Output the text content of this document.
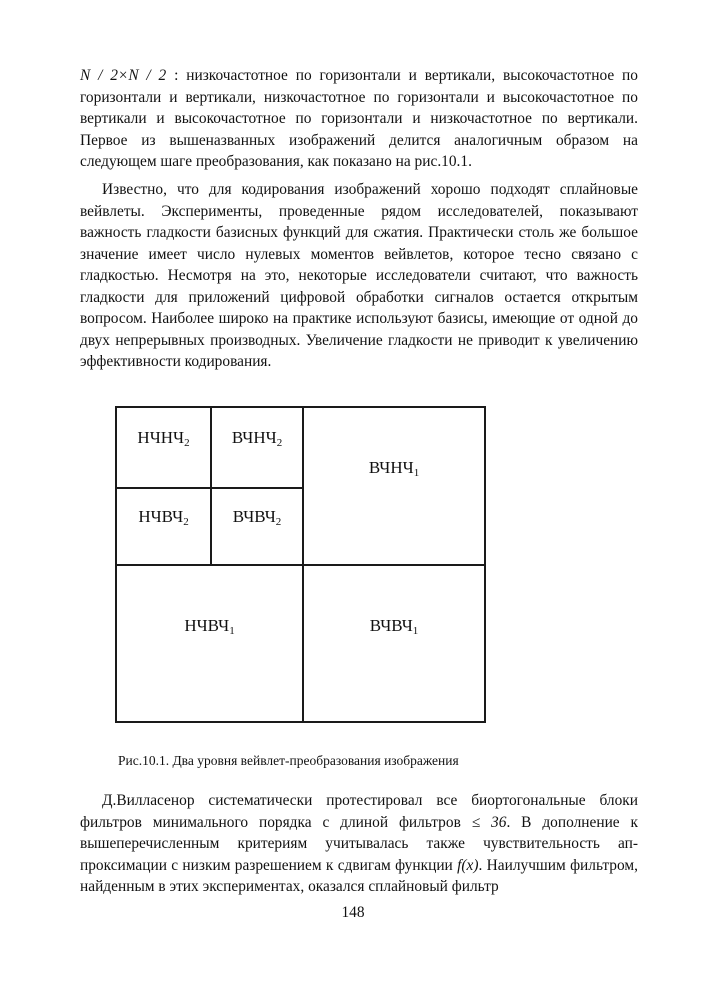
N / 2×N / 2 : низкочастотное по горизонтали и вертикали, высокочастотное по горизонтали и вертикали, низкочастотное по горизонтали и высокочастотное по вертикали и высокочастотное по горизонтали и низкочастотное по вертикали. Первое из вышеназванных изображений делится аналогичным образом на следующем шаге преобразования, как показано на рис.10.1.

Известно, что для кодирования изображений хорошо подходят сплайновые вейвлеты. Эксперименты, проведенные рядом исследователей, показывают важность гладкости базисных функций для сжатия. Практически столь же большое значение имеет число нулевых моментов вейвлетов, которое тесно связано с гладкостью. Несмотря на это, некоторые исследователи считают, что важность гладкости для приложений цифровой обработки сигналов остается открытым вопросом. Наиболее широко на практике используют базисы, имеющие от одной до двух непрерывных производных. Увеличение гладкости не приводит к увеличению эффективности кодирования.

$НЧНЧ_2$ $ВЧНЧ_2$
$НЧВЧ_2$	$ВЧВЧ_2$
$ВЧНЧ_1$
$НЧВЧ_1$	$ВЧВЧ_1$

Рис.10.1. Два уровня вейвлет-преобразования изображения

Д.Вилласенор систематически протестировал все биортогональные блоки фильтров минимального порядка с длиной фильтров ≤ 36. В дополнение к вышеперечисленным критериям учитывалась также чувствительность аппроксимации с низким разрешением к сдвигам функции f(x). Наилучшим фильтром, найденным в этих экспериментах, оказался сплайновый фильтр

148
